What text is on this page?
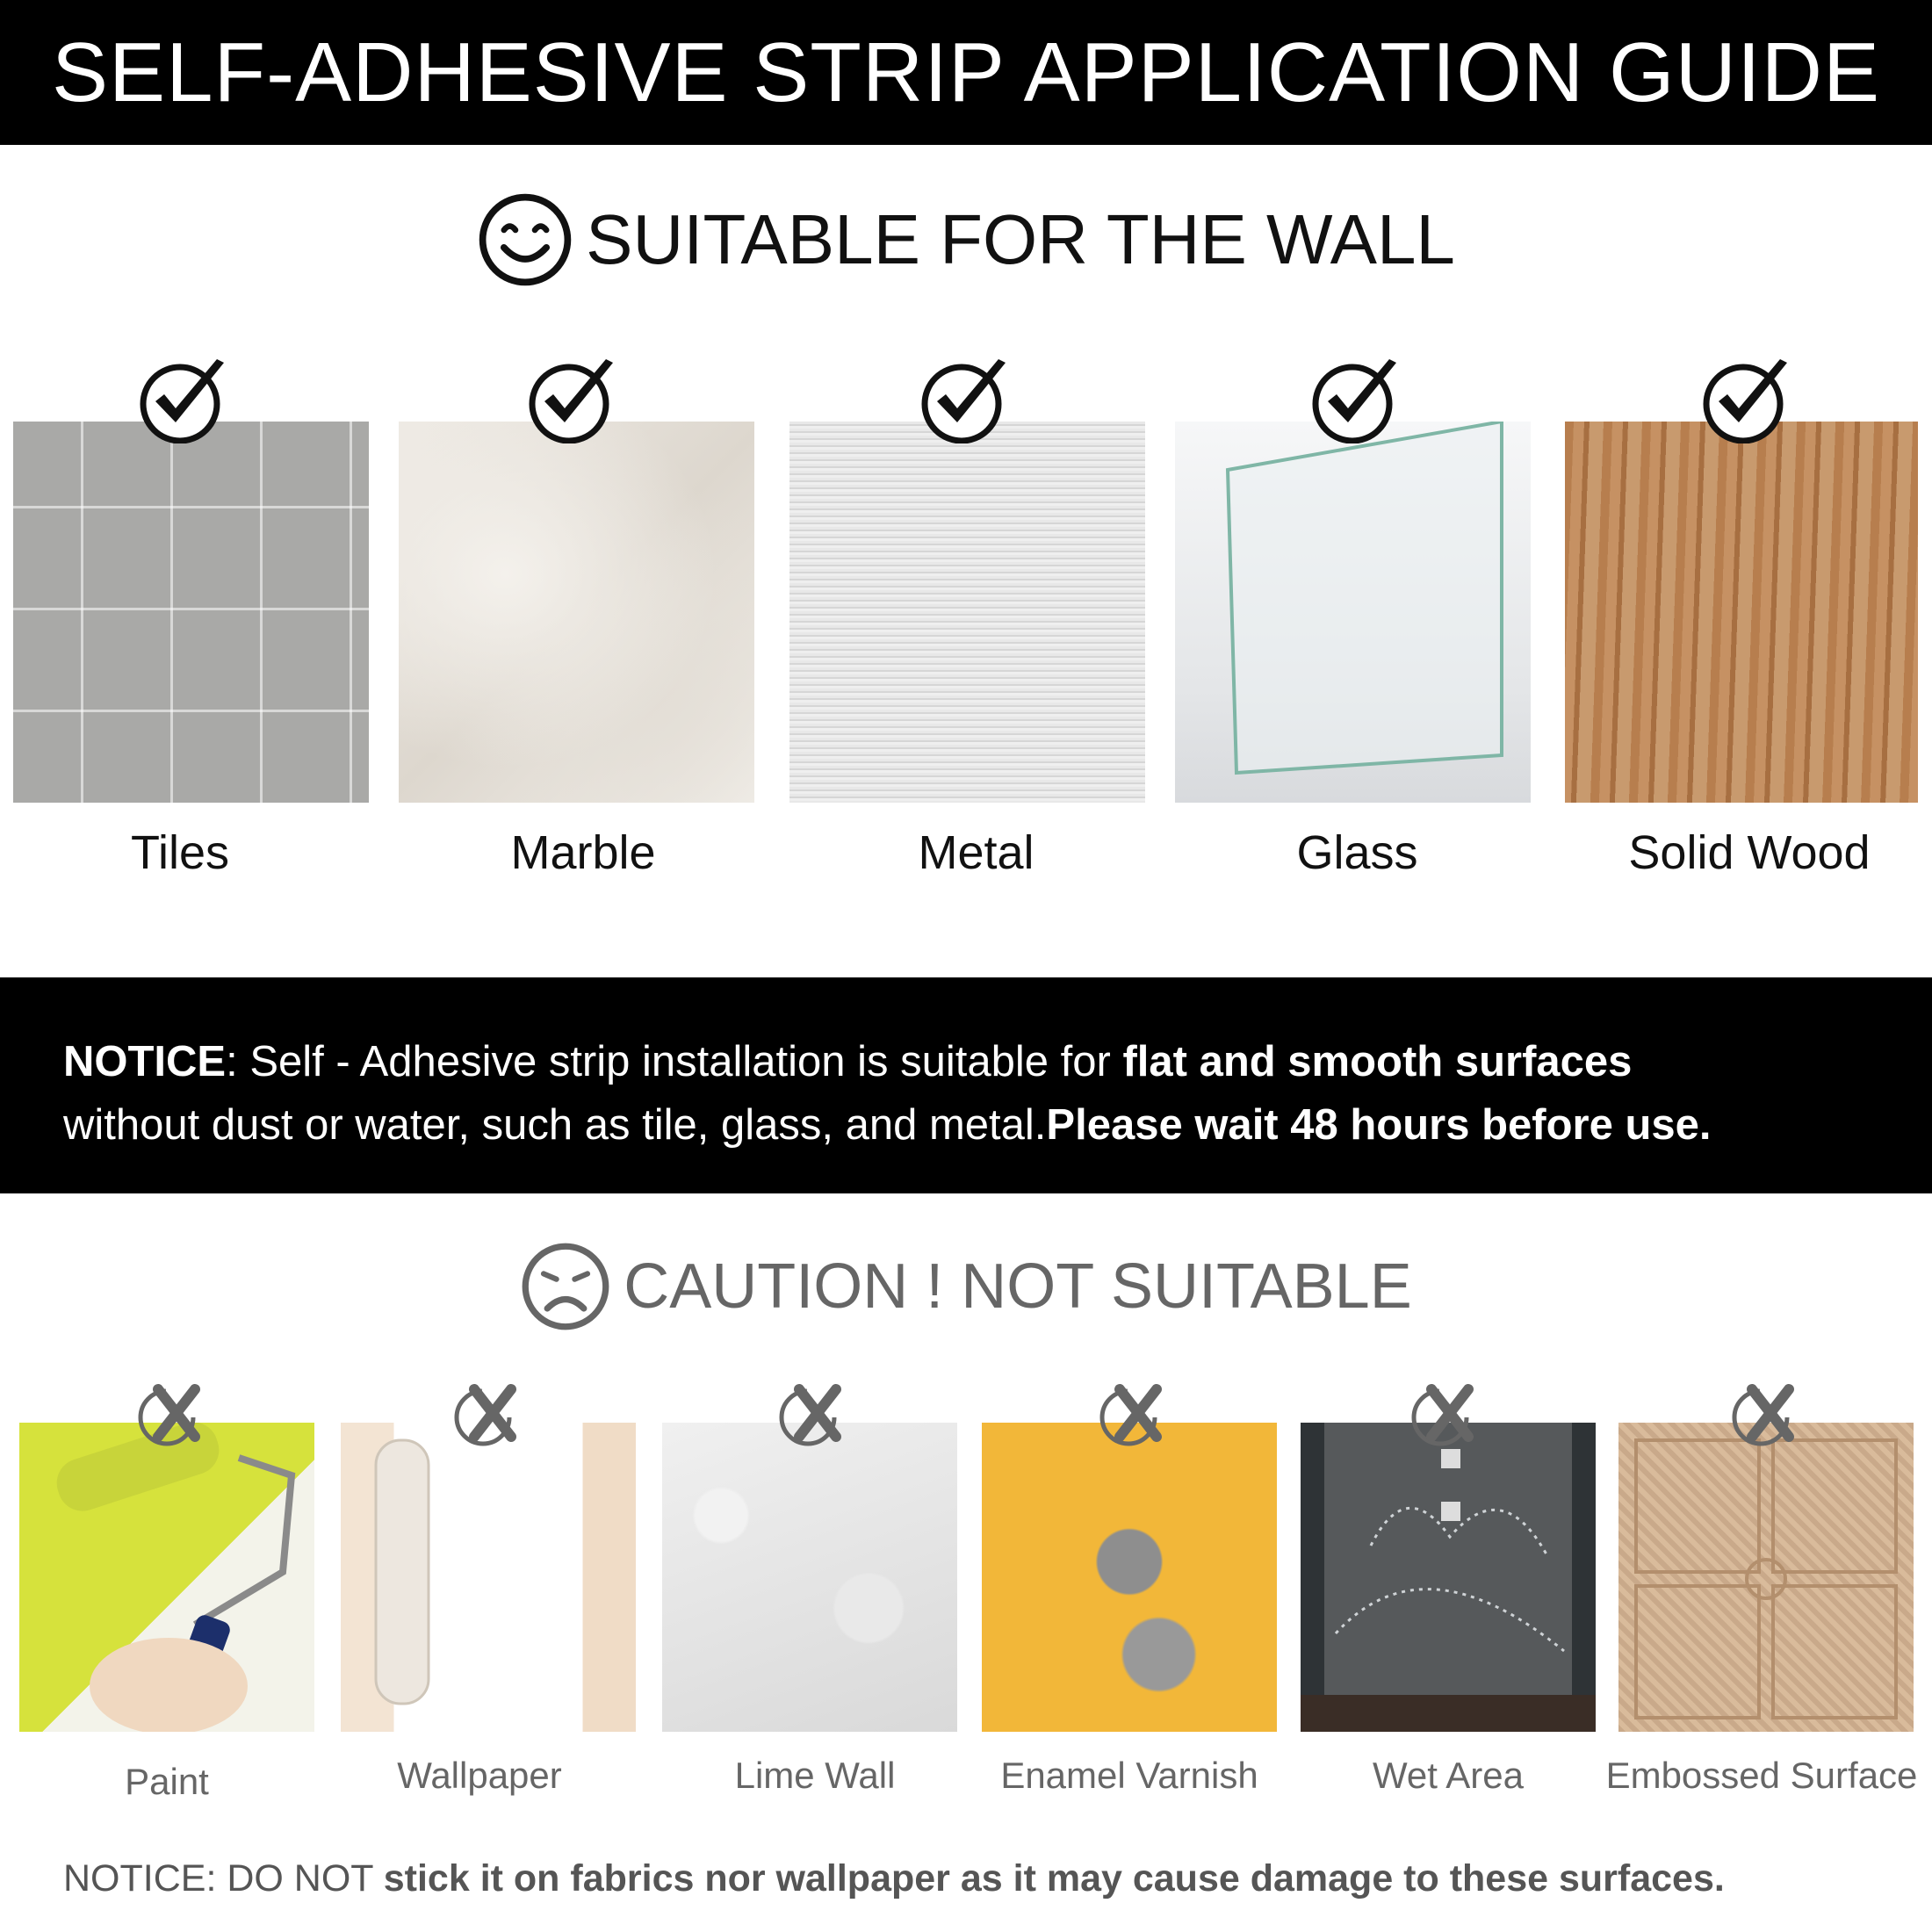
SELF-ADHESIVE STRIP APPLICATION GUIDE
SUITABLE FOR THE WALL
Tiles	Marble	Metal	Glass	Solid Wood
NOTICE: Self - Adhesive strip installation is suitable for flat and smooth surfaces
without dust or water, such as tile, glass, and metal.Please wait 48 hours before use.
CAUTION ! NOT SUITABLE
Paint	Wallpaper	Lime Wall	Enamel Varnish	Wet Area	Embossed Surface
NOTICE: DO NOT stick it on fabrics nor wallpaper as it may cause damage to these surfaces.
